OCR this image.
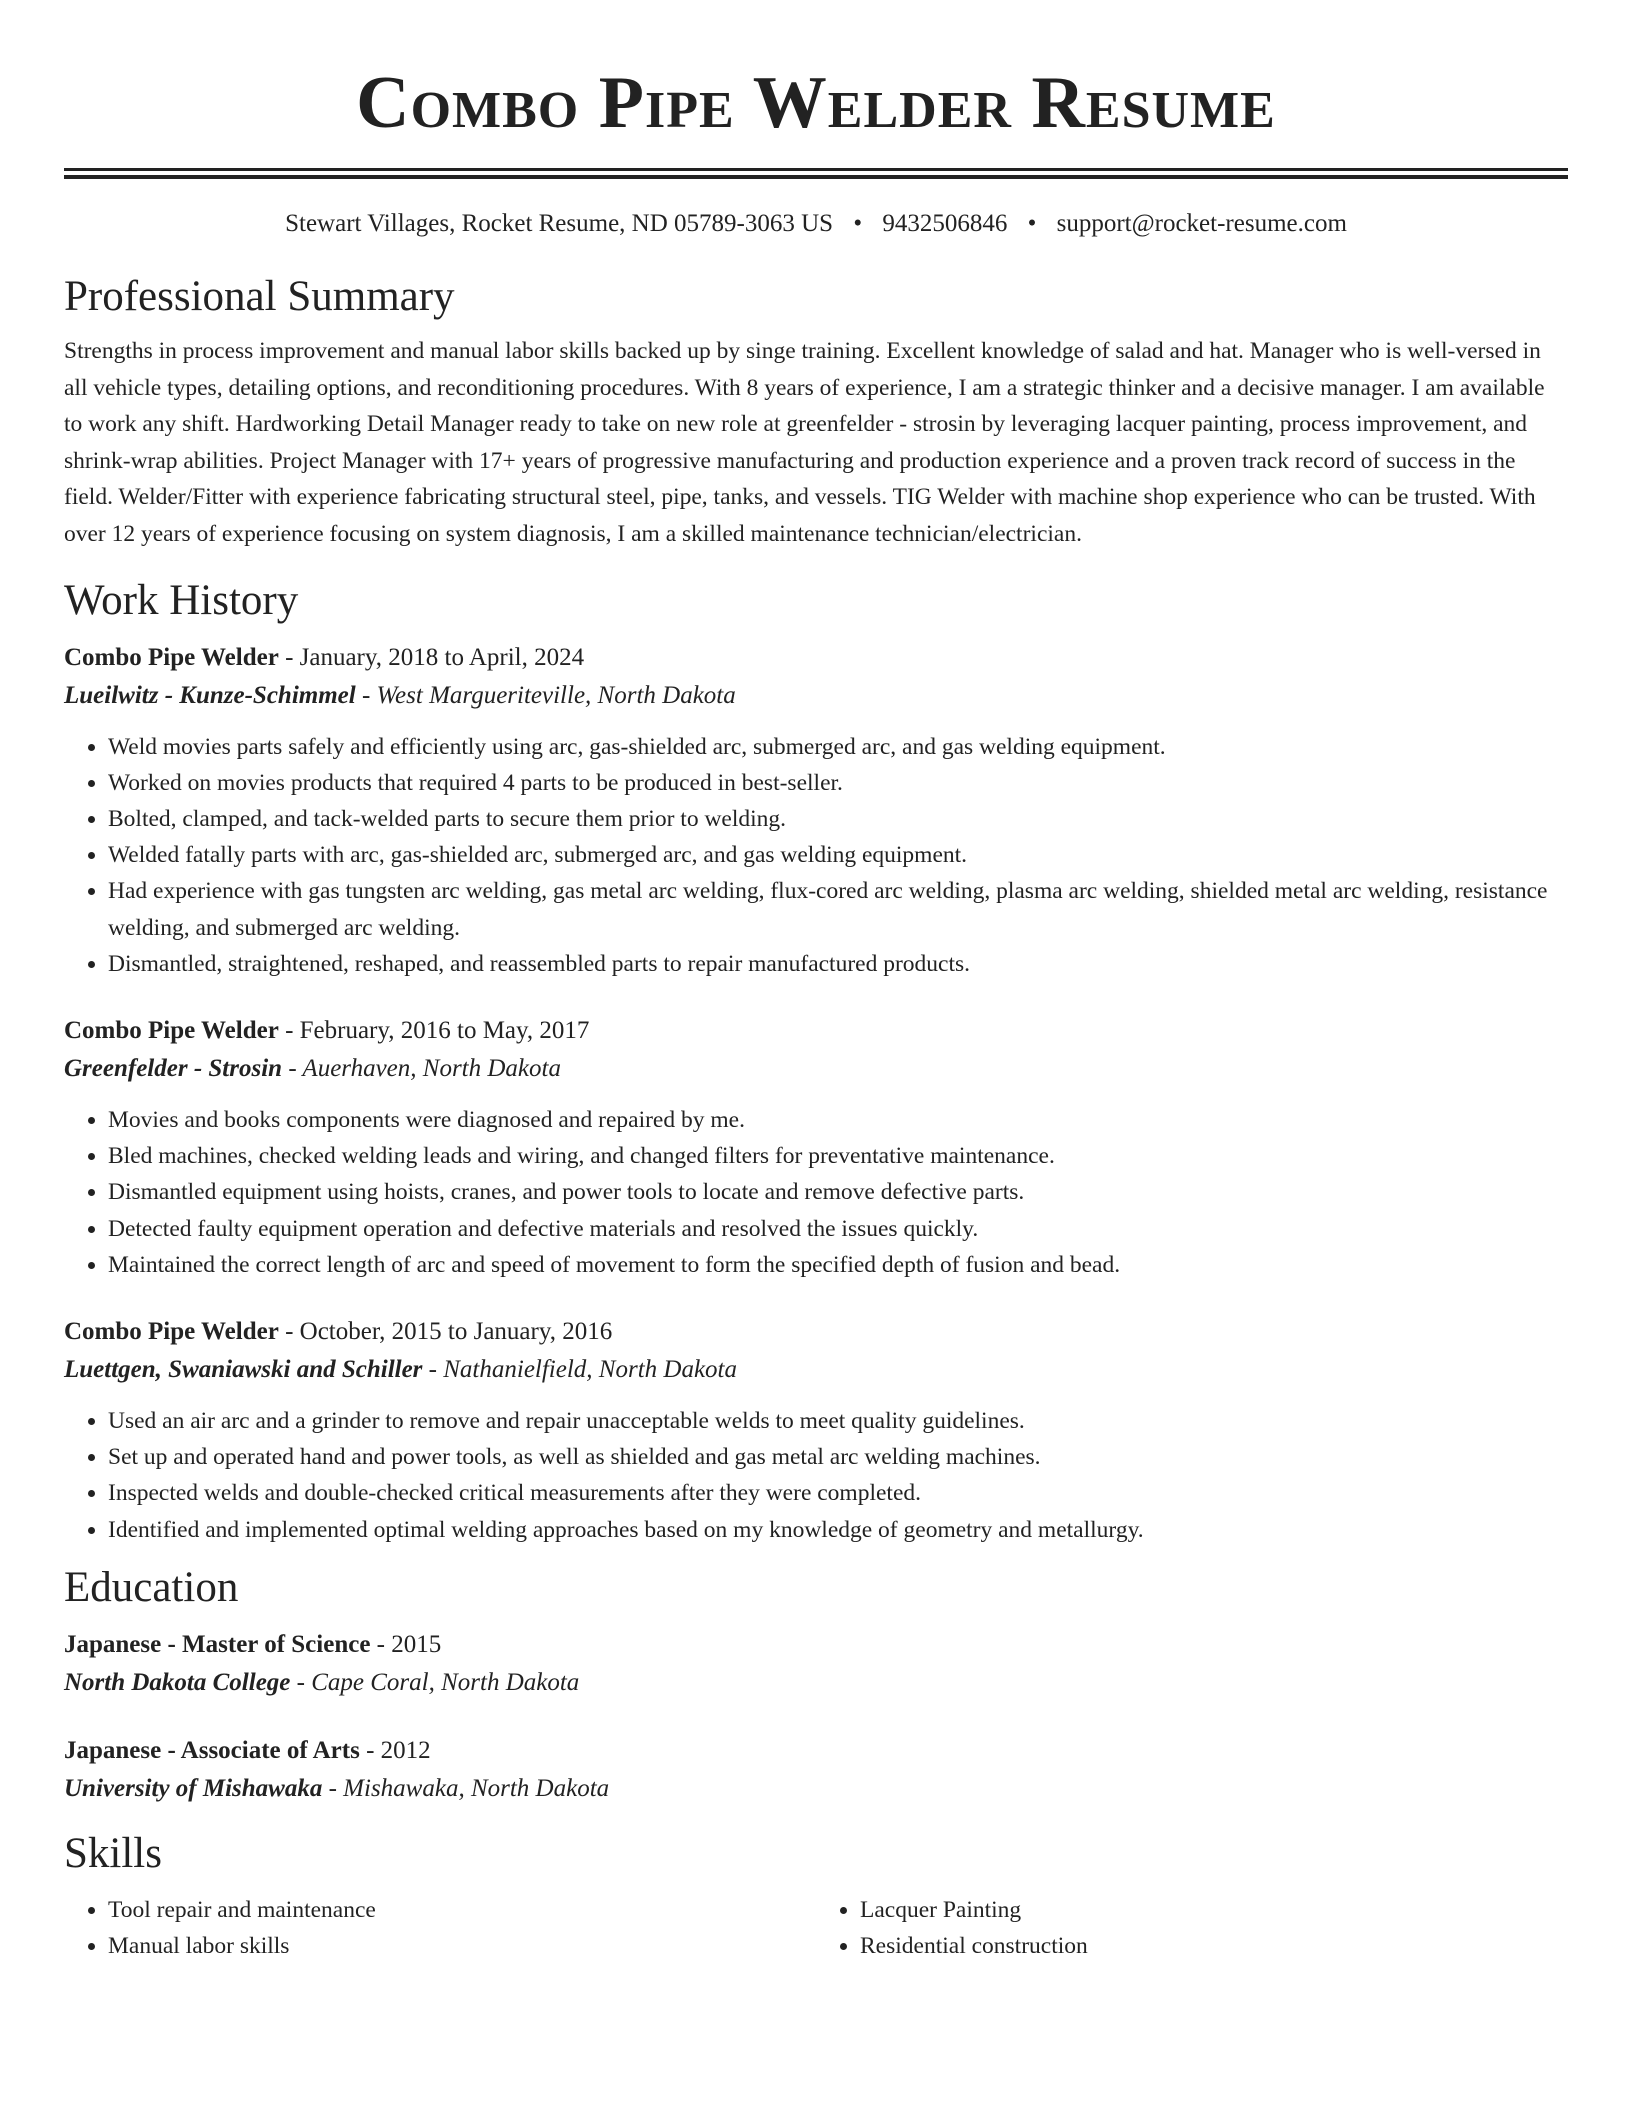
Combo Pipe Welder Resume
Stewart Villages, Rocket Resume, ND 05789-3063 US • 9432506846 • support@rocket-resume.com
Professional Summary

Strengths in process improvement and manual labor skills backed up by singe training. Excellent knowledge of salad and hat. Manager who is well-versed in all vehicle types, detailing options, and reconditioning procedures. With 8 years of experience, I am a strategic thinker and a decisive manager. I am available to work any shift. Hardworking Detail Manager ready to take on new role at greenfelder - strosin by leveraging lacquer painting, process improvement, and shrink-wrap abilities. Project Manager with 17+ years of progressive manufacturing and production experience and a proven track record of success in the field. Welder/Fitter with experience fabricating structural steel, pipe, tanks, and vessels. TIG Welder with machine shop experience who can be trusted. With over 12 years of experience focusing on system diagnosis, I am a skilled maintenance technician/electrician.

Work History
Combo Pipe Welder - January, 2018 to April, 2024
Lueilwitz - Kunze-Schimmel - West Margueriteville, North Dakota
• Weld movies parts safely and efficiently using arc, gas-shielded arc, submerged arc, and gas welding equipment.
• Worked on movies products that required 4 parts to be produced in best-seller.
• Bolted, clamped, and tack-welded parts to secure them prior to welding.
• Welded fatally parts with arc, gas-shielded arc, submerged arc, and gas welding equipment.
• Had experience with gas tungsten arc welding, gas metal arc welding, flux-cored arc welding, plasma arc welding, shielded metal arc welding, resistance welding, and submerged arc welding.
• Dismantled, straightened, reshaped, and reassembled parts to repair manufactured products.
Combo Pipe Welder - February, 2016 to May, 2017
Greenfelder - Strosin - Auerhaven, North Dakota
• Movies and books components were diagnosed and repaired by me.
• Bled machines, checked welding leads and wiring, and changed filters for preventative maintenance.
• Dismantled equipment using hoists, cranes, and power tools to locate and remove defective parts.
• Detected faulty equipment operation and defective materials and resolved the issues quickly.
• Maintained the correct length of arc and speed of movement to form the specified depth of fusion and bead.
Combo Pipe Welder - October, 2015 to January, 2016
Luettgen, Swaniawski and Schiller - Nathanielfield, North Dakota
• Used an air arc and a grinder to remove and repair unacceptable welds to meet quality guidelines.
• Set up and operated hand and power tools, as well as shielded and gas metal arc welding machines.
• Inspected welds and double-checked critical measurements after they were completed.
• Identified and implemented optimal welding approaches based on my knowledge of geometry and metallurgy.
Education
Japanese - Master of Science - 2015
North Dakota College - Cape Coral, North Dakota
Japanese - Associate of Arts - 2012
University of Mishawaka - Mishawaka, North Dakota
Skills
• Tool repair and maintenance
• Manual labor skills
• Lacquer Painting
• Residential construction
